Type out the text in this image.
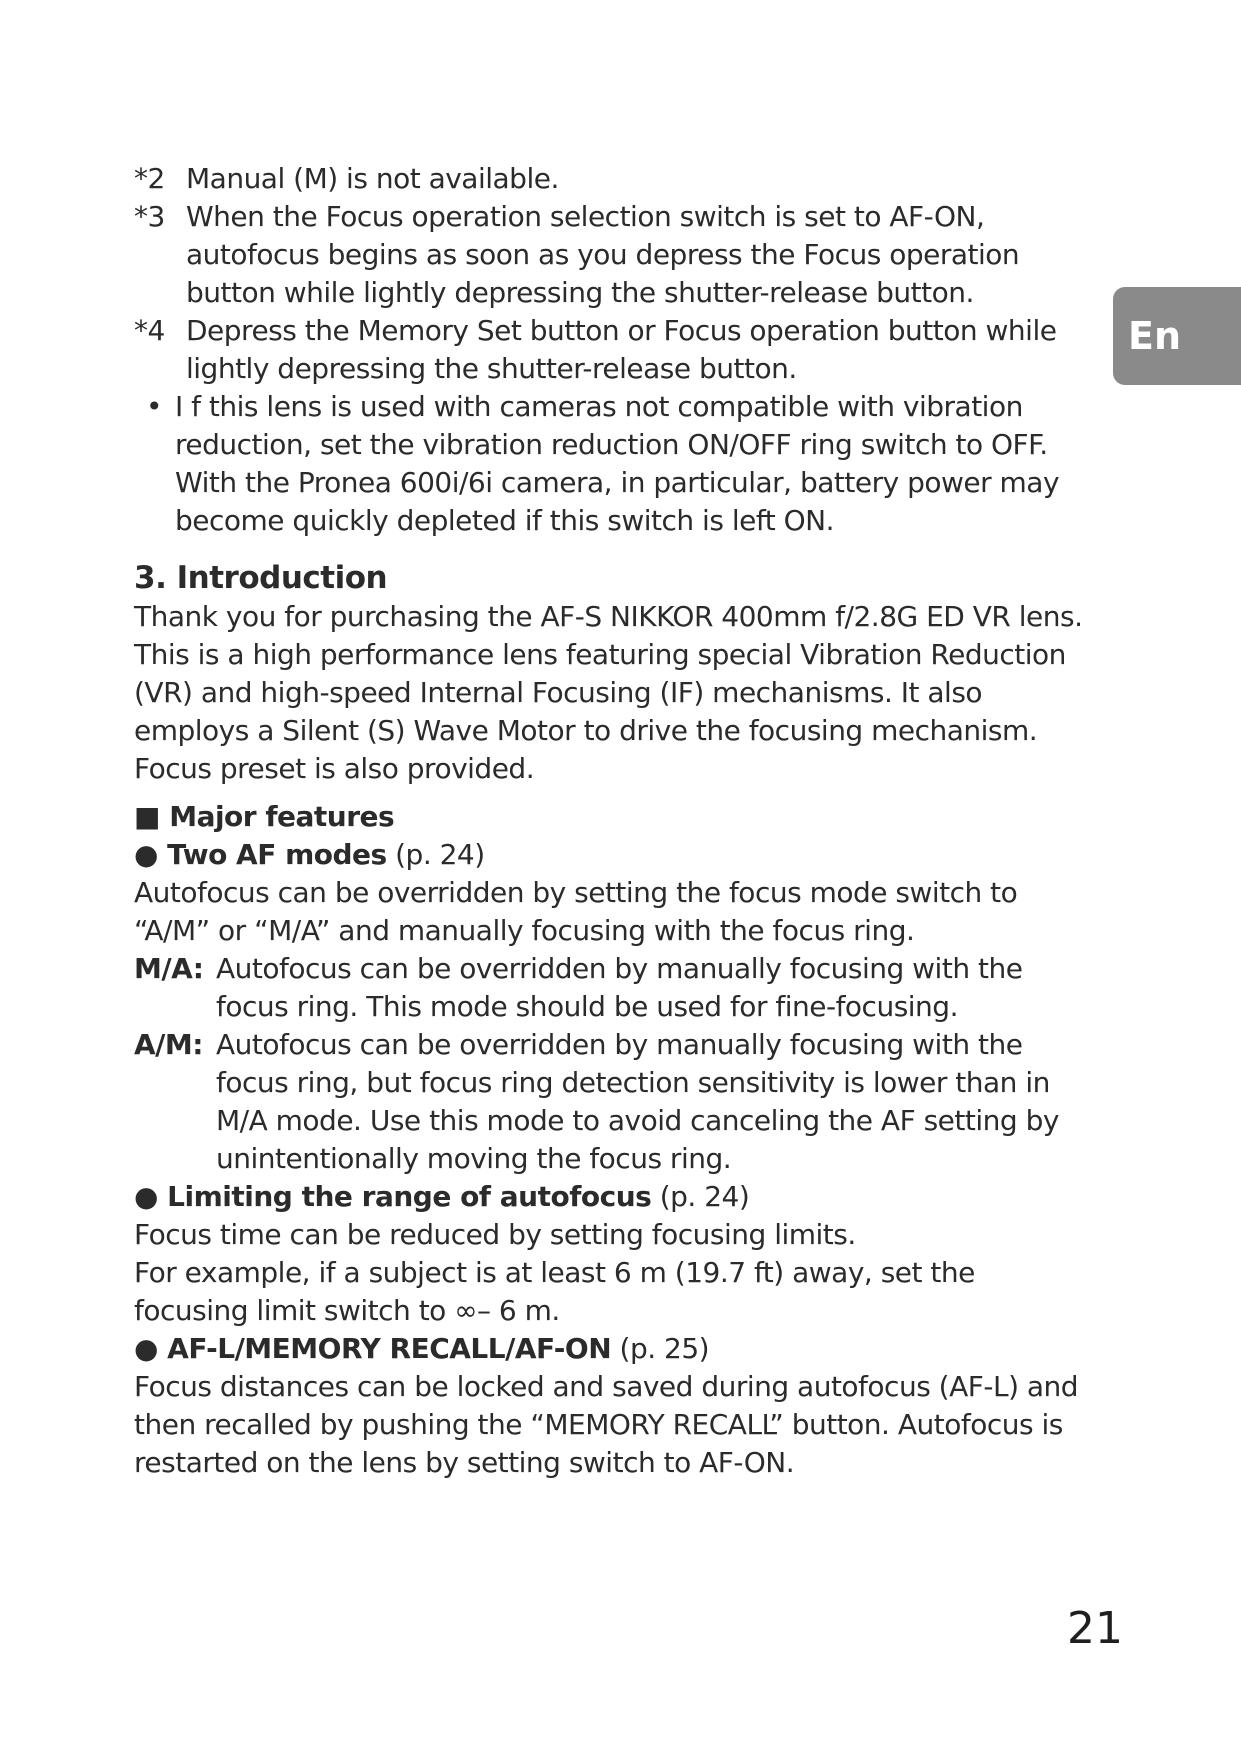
*2 Manual (M) is not available.

*3 When the Focus operation selection switch is set to AF-ON, autofocus begins as soon as you depress the Focus operation button while lightly depressing the shutter-release button.

*4 Depress the Memory Set button or Focus operation button while lightly depressing the shutter-release button.

• I f this lens is used with cameras not compatible with vibration reduction, set the vibration reduction ON/OFF ring switch to OFF. With the Pronea 600i/6i camera, in particular, battery power may become quickly depleted if this switch is left ON.

3. Introduction

Thank you for purchasing the AF-S NIKKOR 400mm f/2.8G ED VR lens. This is a high performance lens featuring special Vibration Reduction (VR) and high-speed Internal Focusing (IF) mechanisms. It also employs a Silent (S) Wave Motor to drive the focusing mechanism. Focus preset is also provided.

■ Major features

● Two AF modes (p. 24)

Autofocus can be overridden by setting the focus mode switch to “A/M” or “M/A” and manually focusing with the focus ring.

M/A: Autofocus can be overridden by manually focusing with the focus ring. This mode should be used for fine-focusing.

A/M: Autofocus can be overridden by manually focusing with the focus ring, but focus ring detection sensitivity is lower than in M/A mode. Use this mode to avoid canceling the AF setting by unintentionally moving the focus ring.

● Limiting the range of autofocus (p. 24)

Focus time can be reduced by setting focusing limits.

For example, if a subject is at least 6 m (19.7 ft) away, set the focusing limit switch to ∞– 6 m.

● AF-L/MEMORY RECALL/AF-ON (p. 25)

Focus distances can be locked and saved during autofocus (AF-L) and then recalled by pushing the “MEMORY RECALL” button. Autofocus is restarted on the lens by setting switch to AF-ON.

En
21
